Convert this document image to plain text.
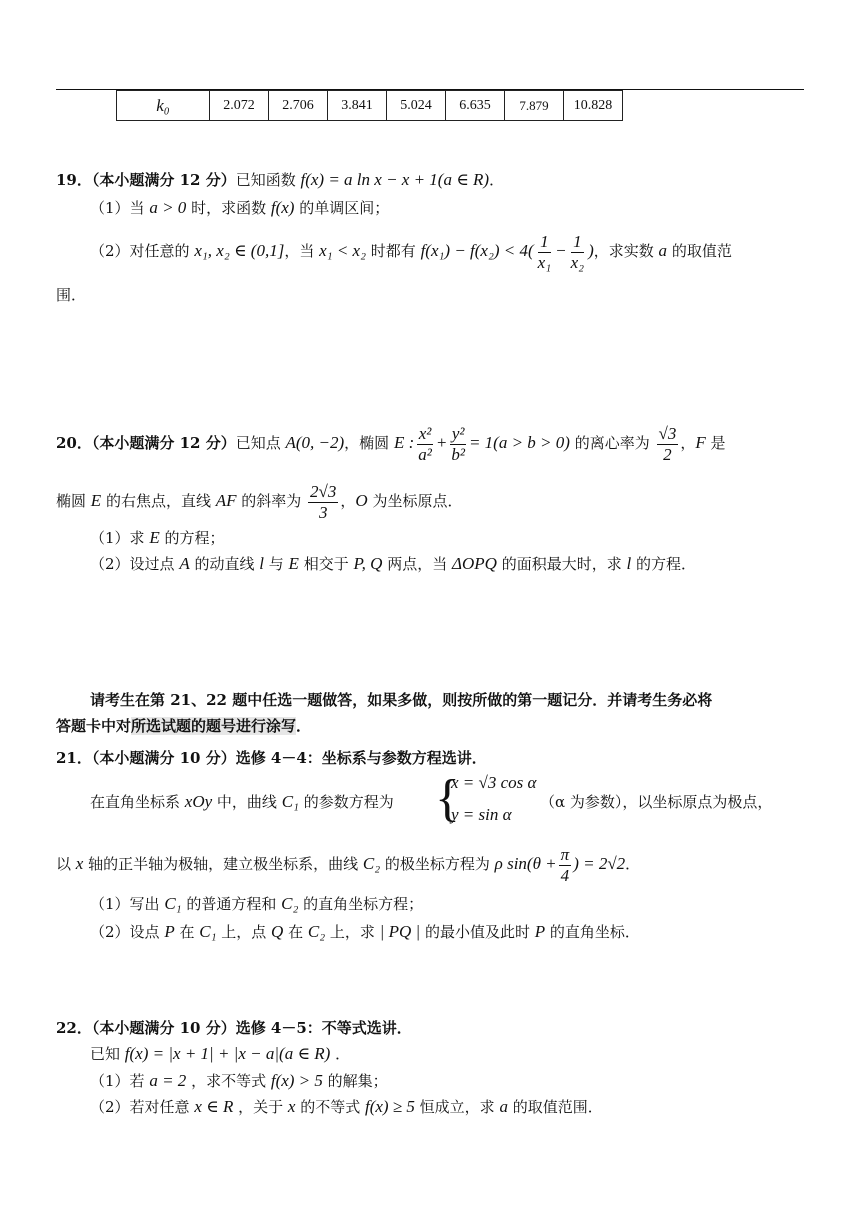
k₀	2.072	2.706	3.841	5.024	6.635	7.879	10.828
19．（本小题满分 12 分）已知函数 f(x) = a ln x − x + 1(a ∈ R)．
（1）当 a > 0 时，求函数 f(x) 的单调区间；
（2）对任意的 x₁, x₂ ∈ (0,1]，当 x₁ < x₂ 时都有 $f(x_1) - f(x_2) < 4( \frac{1}{\text{x₁}} - \frac{1}{\text{x₂}}$ )，求实数 a 的取值范
围．
20．（本小题满分 12 分）已知点 A(0, −2)，椭圆 E : $\frac{\text{x²}}{\text{a²}} + \frac{\text{y²}}{\text{b²}} = 1(a > b > 0)$ 的离心率为 $\frac{√3}{2}$ ，F 是
椭圆 E 的右焦点，直线 AF 的斜率为 $\frac{2√3}{3}$ ，O 为坐标原点．
（1）求 E 的方程；
（2）设过点 A 的动直线 l 与 E 相交于 P, Q 两点，当 ΔOPQ 的面积最大时，求 l 的方程．
请考生在第 21、22 题中任选一题做答，如果多做，则按所做的第一题记分．并请考生务必将
答题卡中对所选试题的题号进行涂写．
21．（本小题满分 10 分）选修 4－4：坐标系与参数方程选讲．
在直角坐标系 xOy 中，曲线 C₁ 的参数方程为 {
x = √3 cos α
y = sin α
（α 为参数），以坐标原点为极点，
以 x 轴的正半轴为极轴，建立极坐标系，曲线 C₂ 的极坐标方程为 ρ $\sin(\theta + \frac{\pi}{4}$ ) = 2√2．
（1）写出 C₁ 的普通方程和 C₂ 的直角坐标方程；
（2）设点 P 在 C₁ 上，点 Q 在 C₂ 上，求 | PQ | 的最小值及此时 P 的直角坐标．
22．（本小题满分 10 分）选修 4－5：不等式选讲．
已知 f(x) = |x + 1| + |x − a|(a ∈ R) ．
（1）若 a = 2 ，求不等式 f(x) > 5 的解集；
（2）若对任意 x ∈ R ，关于 x 的不等式 f(x) ≥ 5 恒成立，求 a 的取值范围．
